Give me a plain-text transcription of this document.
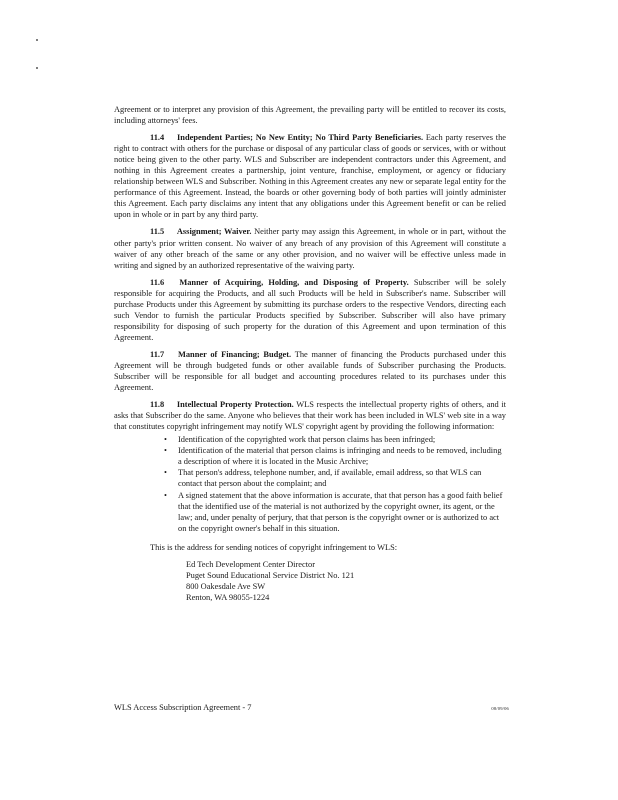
Agreement or to interpret any provision of this Agreement, the prevailing party will be entitled to recover its costs, including attorneys' fees.

11.4 Independent Parties; No New Entity; No Third Party Beneficiaries. Each party reserves the right to contract with others for the purchase or disposal of any particular class of goods or services, with or without notice being given to the other party. WLS and Subscriber are independent contractors under this Agreement, and nothing in this Agreement creates a partnership, joint venture, franchise, employment, or agency or fiduciary relationship between WLS and Subscriber. Nothing in this Agreement creates any new or separate legal entity for the performance of this Agreement. Instead, the boards or other governing body of both parties will jointly administer this Agreement. Each party disclaims any intent that any obligations under this Agreement benefit or can be relied upon in whole or in part by any third party.

11.5 Assignment; Waiver. Neither party may assign this Agreement, in whole or in part, without the other party's prior written consent. No waiver of any breach of any provision of this Agreement will constitute a waiver of any other breach of the same or any other provision, and no waiver will be effective unless made in writing and signed by an authorized representative of the waiving party.

11.6 Manner of Acquiring, Holding, and Disposing of Property. Subscriber will be solely responsible for acquiring the Products, and all such Products will be held in Subscriber's name. Subscriber will purchase Products under this Agreement by submitting its purchase orders to the respective Vendors, directing each such Vendor to furnish the particular Products specified by Subscriber. Subscriber will also have primary responsibility for disposing of such property for the duration of this Agreement and upon termination of this Agreement.

11.7 Manner of Financing; Budget. The manner of financing the Products purchased under this Agreement will be through budgeted funds or other available funds of Subscriber purchasing the Products. Subscriber will be responsible for all budget and accounting procedures related to its purchases under this Agreement.

11.8 Intellectual Property Protection. WLS respects the intellectual property rights of others, and it asks that Subscriber do the same. Anyone who believes that their work has been included in WLS' web site in a way that constitutes copyright infringement may notify WLS' copyright agent by providing the following information:

• Identification of the copyrighted work that person claims has been infringed;
• Identification of the material that person claims is infringing and needs to be removed, including a description of where it is located in the Music Archive;
• That person's address, telephone number, and, if available, email address, so that WLS can contact that person about the complaint; and
• A signed statement that the above information is accurate, that that person has a good faith belief that the identified use of the material is not authorized by the copyright owner, its agent, or the law; and, under penalty of perjury, that that person is the copyright owner or is authorized to act on the copyright owner's behalf in this situation.

This is the address for sending notices of copyright infringement to WLS:

Ed Tech Development Center Director
Puget Sound Educational Service District No. 121
800 Oakesdale Ave SW
Renton, WA 98055-1224
WLS Access Subscription Agreement - 7	08/09/06
